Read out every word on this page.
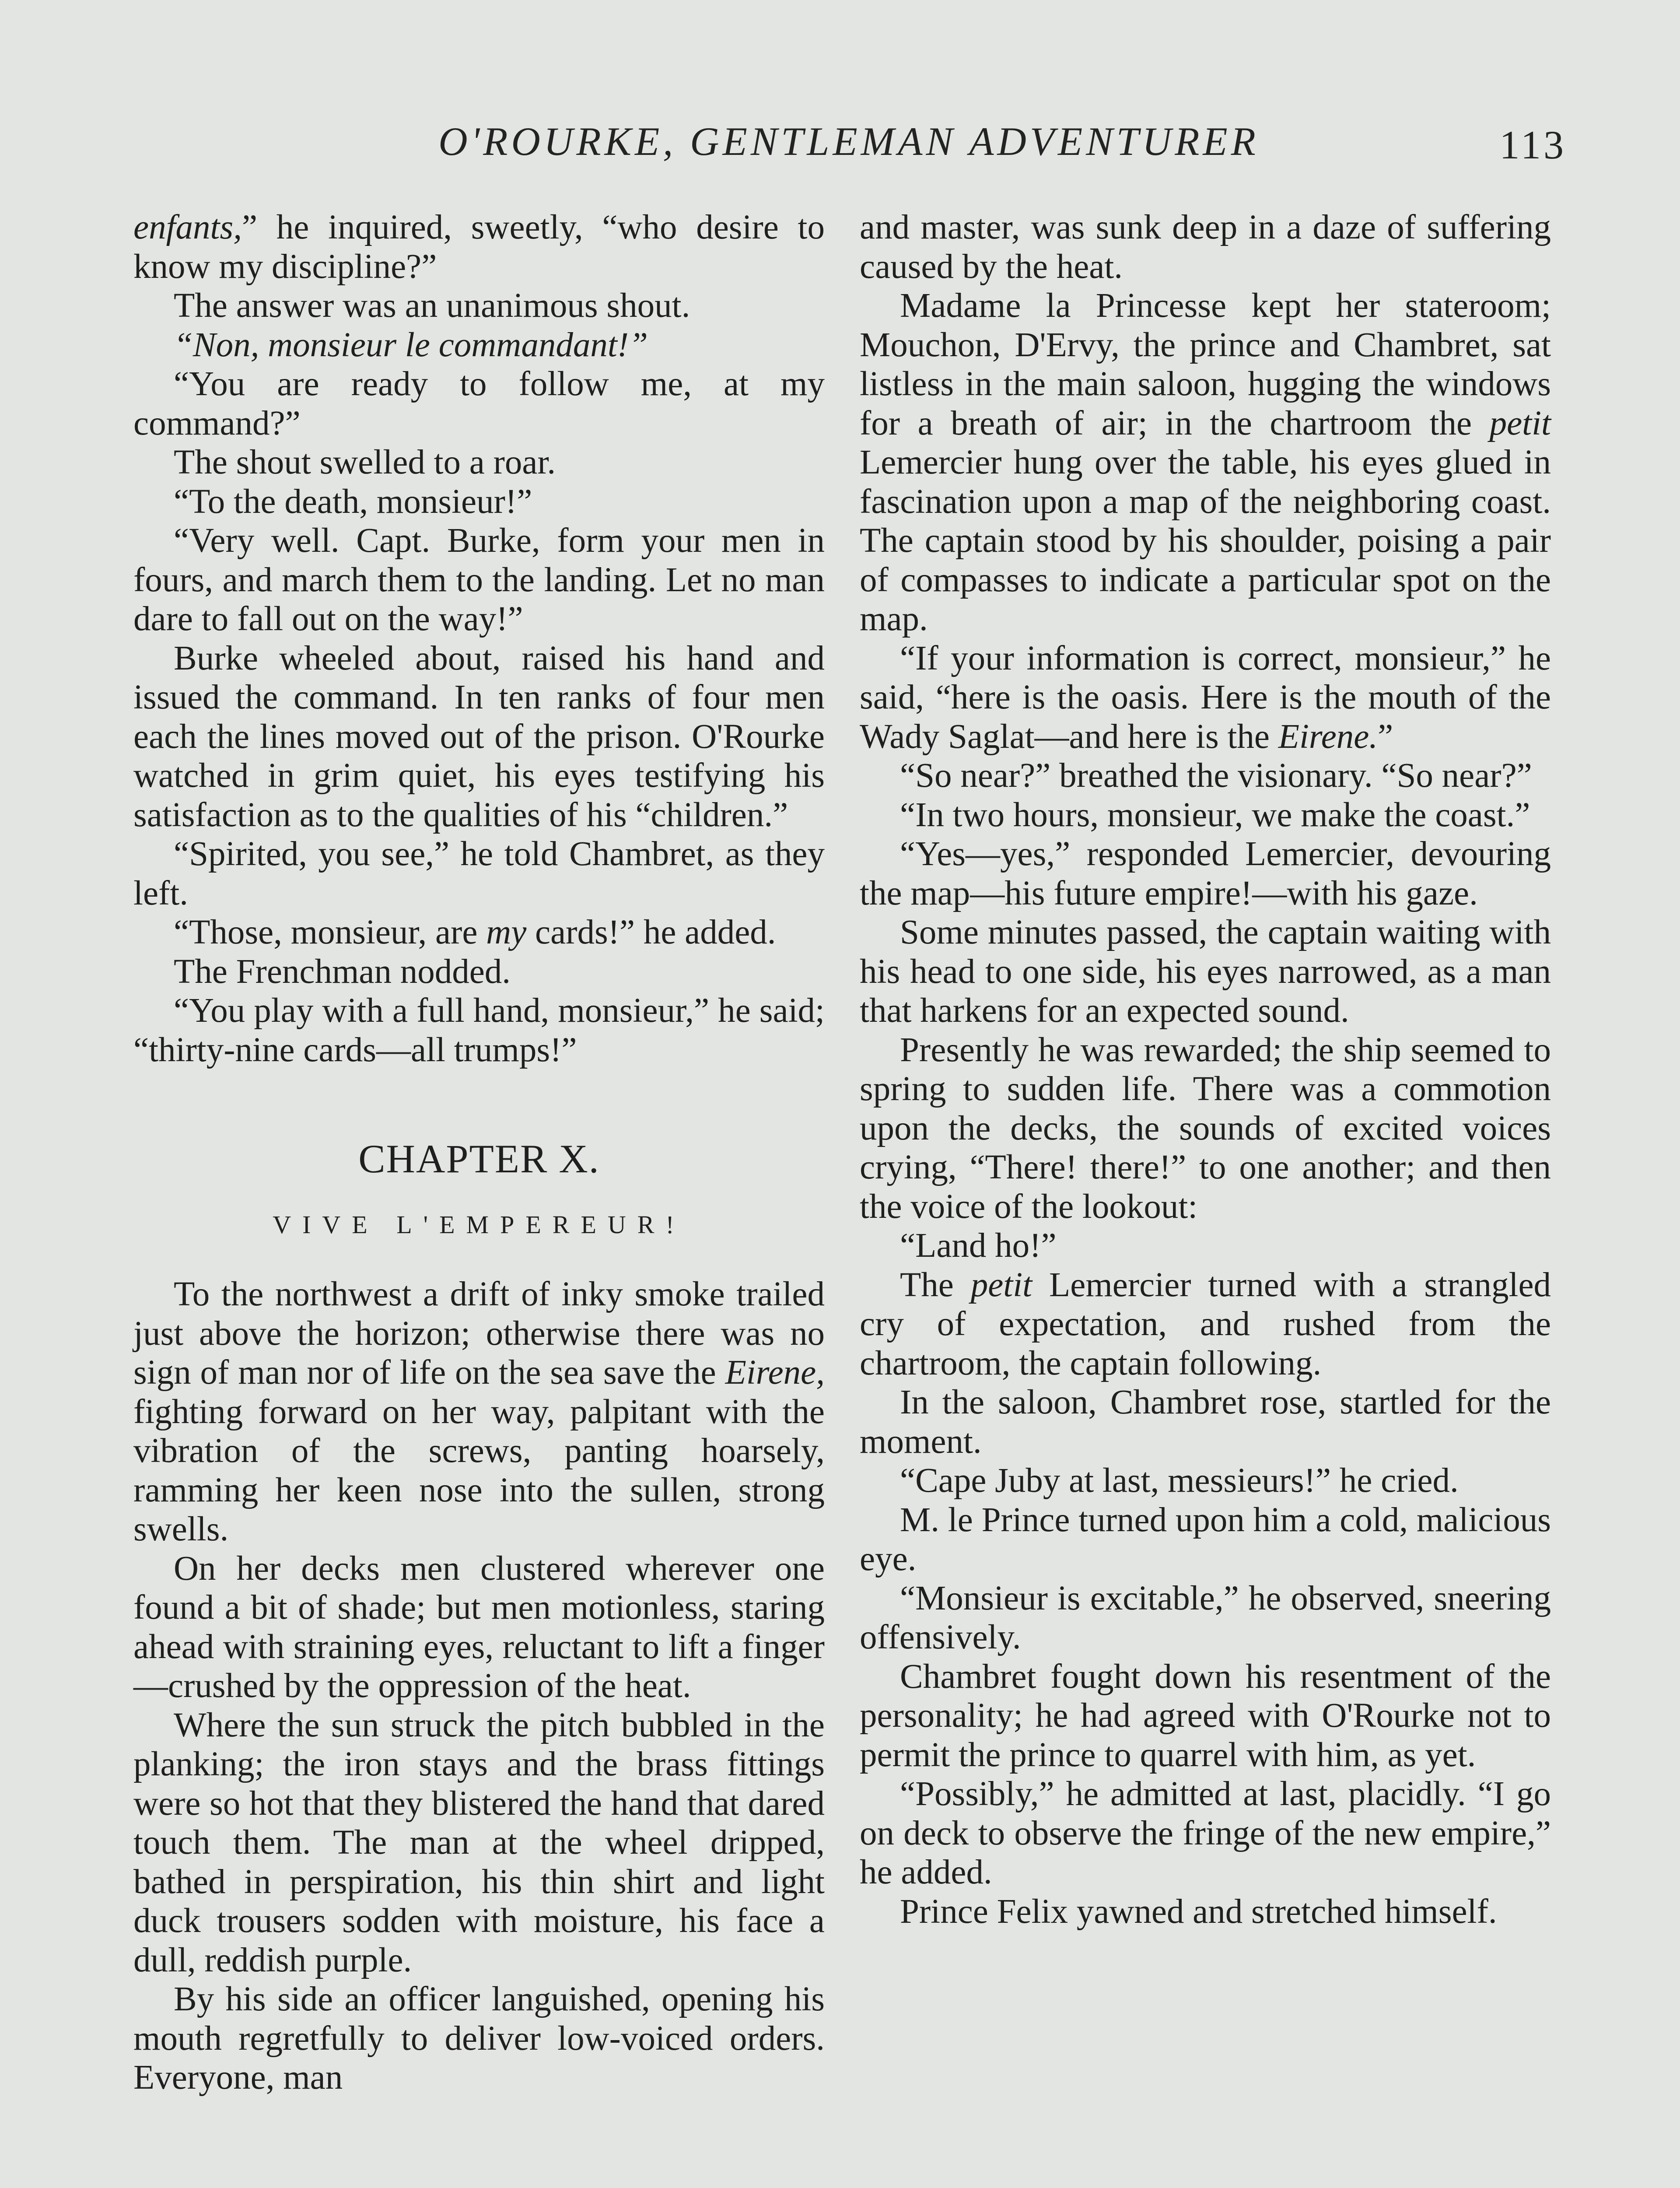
O'ROURKE, GENTLEMAN ADVENTURER	113

enfants,” he inquired, sweetly, “who desire to know my discipline?”

The answer was an unanimous shout.

“Non, monsieur le commandant!”

“You are ready to follow me, at my command?”

The shout swelled to a roar.

“To the death, monsieur!”

“Very well. Capt. Burke, form your men in fours, and march them to the landing. Let no man dare to fall out on the way!”

Burke wheeled about, raised his hand and issued the command. In ten ranks of four men each the lines moved out of the prison. O'Rourke watched in grim quiet, his eyes testifying his satisfaction as to the qualities of his “children.”

“Spirited, you see,” he told Chambret, as they left.

“Those, monsieur, are my cards!” he added.

The Frenchman nodded.

“You play with a full hand, monsieur,” he said; “thirty-nine cards—all trumps!”

CHAPTER X.
VIVE L'EMPEREUR!

To the northwest a drift of inky smoke trailed just above the horizon; otherwise there was no sign of man nor of life on the sea save the Eirene, fighting forward on her way, palpitant with the vibration of the screws, panting hoarsely, ramming her keen nose into the sullen, strong swells.

On her decks men clustered wherever one found a bit of shade; but men motionless, staring ahead with straining eyes, reluctant to lift a finger—crushed by the oppression of the heat.

Where the sun struck the pitch bubbled in the planking; the iron stays and the brass fittings were so hot that they blistered the hand that dared touch them. The man at the wheel dripped, bathed in perspiration, his thin shirt and light duck trousers sodden with moisture, his face a dull, reddish purple.

By his side an officer languished, opening his mouth regretfully to deliver low-voiced orders. Everyone, man

and master, was sunk deep in a daze of suffering caused by the heat.

Madame la Princesse kept her stateroom; Mouchon, D'Ervy, the prince and Chambret, sat listless in the main saloon, hugging the windows for a breath of air; in the chartroom the petit Lemercier hung over the table, his eyes glued in fascination upon a map of the neighboring coast. The captain stood by his shoulder, poising a pair of compasses to indicate a particular spot on the map.

“If your information is correct, monsieur,” he said, “here is the oasis. Here is the mouth of the Wady Saglat—and here is the Eirene.”

“So near?” breathed the visionary. “So near?”

“In two hours, monsieur, we make the coast.”

“Yes—yes,” responded Lemercier, devouring the map—his future empire!—with his gaze.

Some minutes passed, the captain waiting with his head to one side, his eyes narrowed, as a man that harkens for an expected sound.

Presently he was rewarded; the ship seemed to spring to sudden life. There was a commotion upon the decks, the sounds of excited voices crying, “There! there!” to one another; and then the voice of the lookout:

“Land ho!”

The petit Lemercier turned with a strangled cry of expectation, and rushed from the chartroom, the captain following.

In the saloon, Chambret rose, startled for the moment.

“Cape Juby at last, messieurs!” he cried.

M. le Prince turned upon him a cold, malicious eye.

“Monsieur is excitable,” he observed, sneering offensively.

Chambret fought down his resentment of the personality; he had agreed with O'Rourke not to permit the prince to quarrel with him, as yet.

“Possibly,” he admitted at last, placidly. “I go on deck to observe the fringe of the new empire,” he added.

Prince Felix yawned and stretched himself.
